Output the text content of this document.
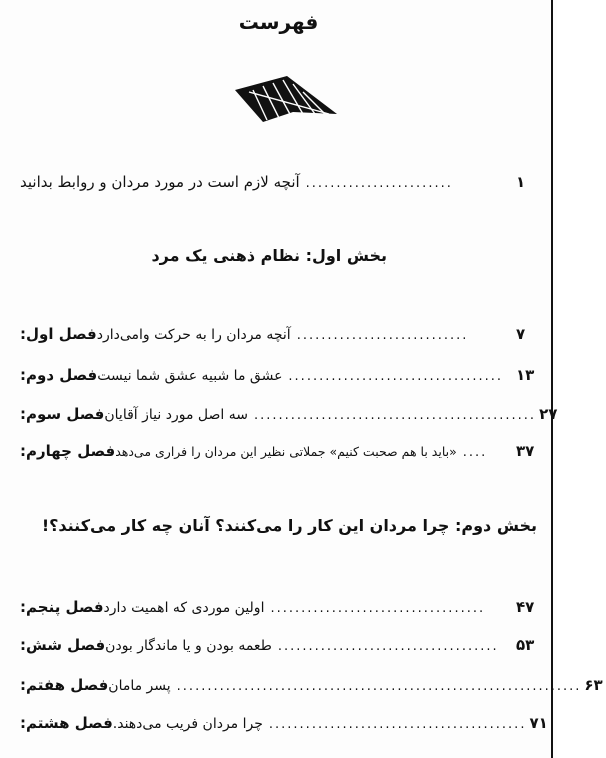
فهرست
آنچه لازم است در مورد مردان و روابط بدانید ........................	۱
بخش اول: نظام ذهنی یک مرد
فصل اول: آنچه مردان را به حرکت وامی‌دارد ............................	۷
فصل دوم: عشق ما شبیه عشق شما نیست ................................... ۱۳
فصل سوم: سه اصل مورد نیاز آقایان .............................................. ۲۷
فصل چهارم: «باید با هم صحبت کنیم» جملاتی نظیر این مردان را فراری می‌دهد ....	۳۷
بخش دوم: چرا مردان این کار را می‌کنند؟ آنان چه کار می‌کنند؟!
فصل پنجم: اولین موردی که اهمیت دارد ...................................	۴۷
فصل شش: طعمه بودن و یا ماندگار بودن ....................................	۵۳
فصل هفتم: پسر مامان .................................................................. ۶۳
فصل هشتم: چرا مردان فریب می‌دهند. .......................................... ۷۱
